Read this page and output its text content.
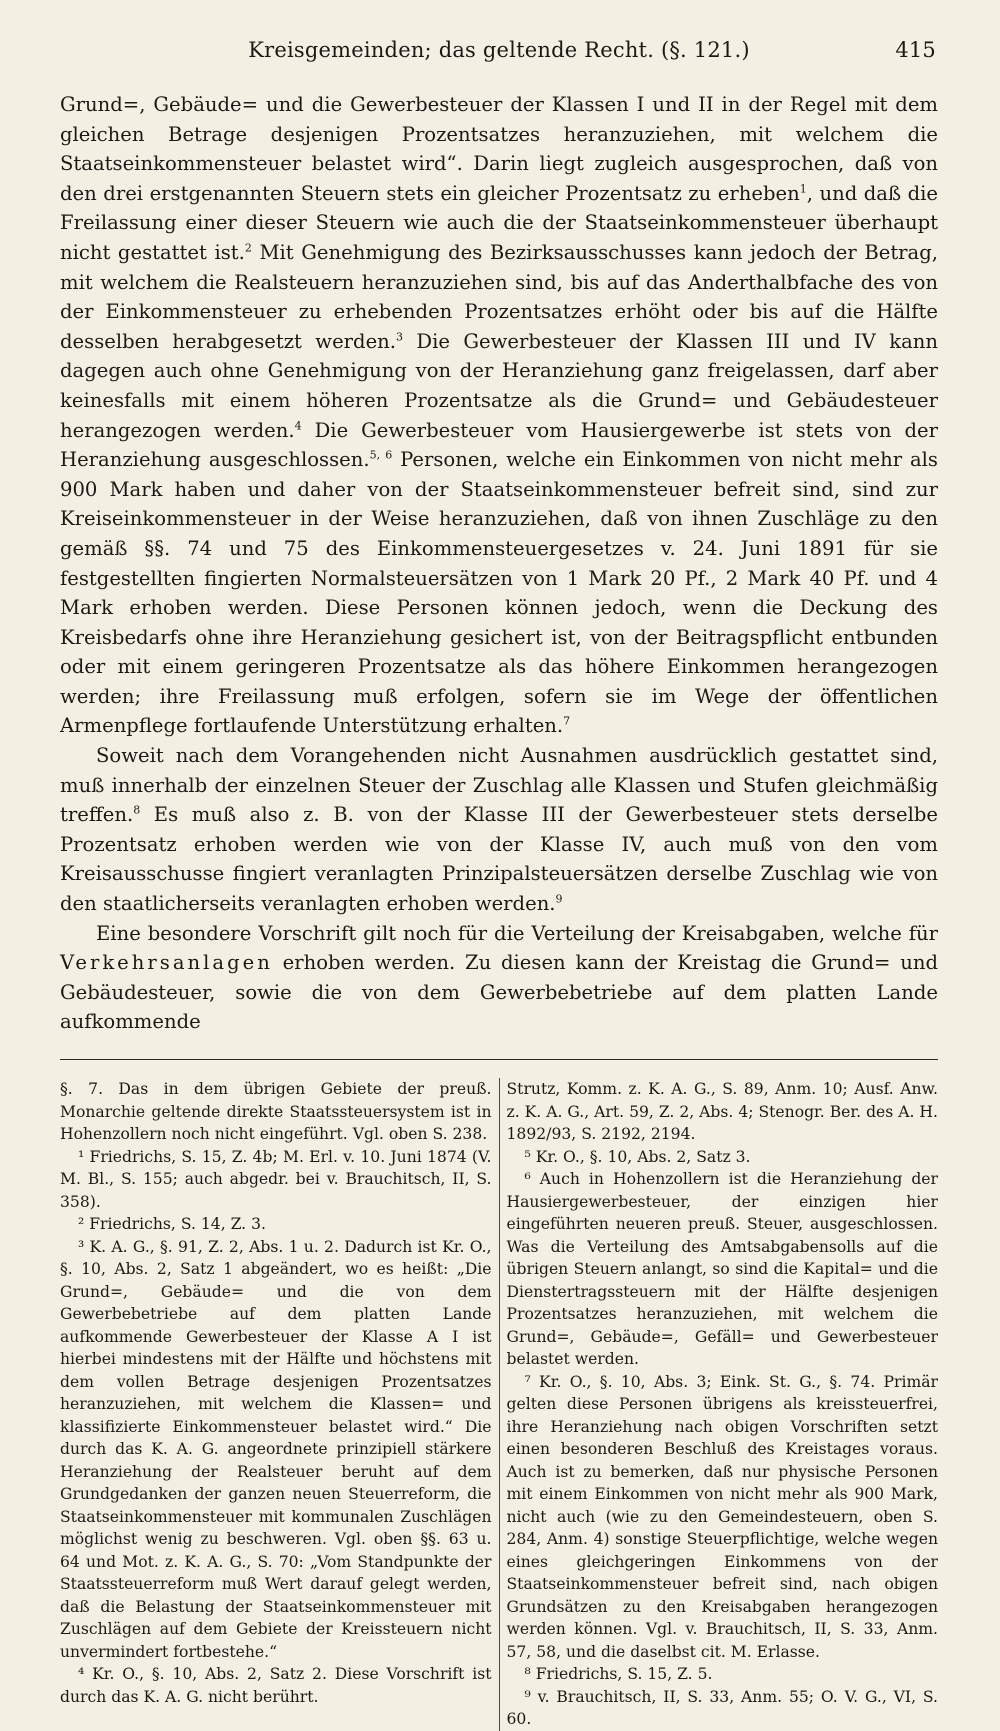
Kreisgemeinden; das geltende Recht. (§. 121.)	415

Grund=, Gebäude= und die Gewerbesteuer der Klassen I und II in der Regel mit dem gleichen Betrage desjenigen Prozentsatzes heranzuziehen, mit welchem die Staatseinkommensteuer belastet wird“. Darin liegt zugleich ausgesprochen, daß von den drei erstgenannten Steuern stets ein gleicher Prozentsatz zu erheben$^1$, und daß die Freilassung einer dieser Steuern wie auch die der Staatseinkommensteuer überhaupt nicht gestattet ist.$^2$ Mit Genehmigung des Bezirksausschusses kann jedoch der Betrag, mit welchem die Realsteuern heranzuziehen sind, bis auf das Anderthalbfache des von der Einkommensteuer zu erhebenden Prozentsatzes erhöht oder bis auf die Hälfte desselben herabgesetzt werden.$^3$ Die Gewerbesteuer der Klassen III und IV kann dagegen auch ohne Genehmigung von der Heranziehung ganz freigelassen, darf aber keinesfalls mit einem höheren Prozentsatze als die Grund= und Gebäudesteuer herangezogen werden.$^4$ Die Gewerbesteuer vom Hausiergewerbe ist stets von der Heranziehung ausgeschlossen.$^{5, 6}$ Personen, welche ein Einkommen von nicht mehr als 900 Mark haben und daher von der Staatseinkommensteuer befreit sind, sind zur Kreiseinkommensteuer in der Weise heranzuziehen, daß von ihnen Zuschläge zu den gemäß §§. 74 und 75 des Einkommensteuergesetzes v. 24. Juni 1891 für sie festgestellten fingierten Normalsteuersätzen von 1 Mark 20 Pf., 2 Mark 40 Pf. und 4 Mark erhoben werden. Diese Personen können jedoch, wenn die Deckung des Kreisbedarfs ohne ihre Heranziehung gesichert ist, von der Beitragspflicht entbunden oder mit einem geringeren Prozentsatze als das höhere Einkommen herangezogen werden; ihre Freilassung muß erfolgen, sofern sie im Wege der öffentlichen Armenpflege fortlaufende Unterstützung erhalten.$^7$

Soweit nach dem Vorangehenden nicht Ausnahmen ausdrücklich gestattet sind, muß innerhalb der einzelnen Steuer der Zuschlag alle Klassen und Stufen gleichmäßig treffen.$^8$ Es muß also z. B. von der Klasse III der Gewerbesteuer stets derselbe Prozentsatz erhoben werden wie von der Klasse IV, auch muß von den vom Kreisausschusse fingiert veranlagten Prinzipalsteuersätzen derselbe Zuschlag wie von den staatlicherseits veranlagten erhoben werden.$^9$

Eine besondere Vorschrift gilt noch für die Verteilung der Kreisabgaben, welche für Verkehrsanlagen erhoben werden. Zu diesen kann der Kreistag die Grund= und Gebäudesteuer, sowie die von dem Gewerbebetriebe auf dem platten Lande aufkommende

§. 7. Das in dem übrigen Gebiete der preuß. Monarchie geltende direkte Staatssteuersystem ist in Hohenzollern noch nicht eingeführt. Vgl. oben S. 238.

¹ Friedrichs, S. 15, Z. 4b; M. Erl. v. 10. Juni 1874 (V. M. Bl., S. 155; auch abgedr. bei v. Brauchitsch, II, S. 358).

² Friedrichs, S. 14, Z. 3.

³ K. A. G., §. 91, Z. 2, Abs. 1 u. 2. Dadurch ist Kr. O., §. 10, Abs. 2, Satz 1 abgeändert, wo es heißt: „Die Grund=, Gebäude= und die von dem Gewerbebetriebe auf dem platten Lande aufkommende Gewerbesteuer der Klasse A I ist hierbei mindestens mit der Hälfte und höchstens mit dem vollen Betrage desjenigen Prozentsatzes heranzuziehen, mit welchem die Klassen= und klassifizierte Einkommensteuer belastet wird.“ Die durch das K. A. G. angeordnete prinzipiell stärkere Heranziehung der Realsteuer beruht auf dem Grundgedanken der ganzen neuen Steuerreform, die Staatseinkommensteuer mit kommunalen Zuschlägen möglichst wenig zu beschweren. Vgl. oben §§. 63 u. 64 und Mot. z. K. A. G., S. 70: „Vom Standpunkte der Staatssteuerreform muß Wert darauf gelegt werden, daß die Belastung der Staatseinkommensteuer mit Zuschlägen auf dem Gebiete der Kreissteuern nicht unvermindert fortbestehe.“

⁴ Kr. O., §. 10, Abs. 2, Satz 2. Diese Vorschrift ist durch das K. A. G. nicht berührt.

Strutz, Komm. z. K. A. G., S. 89, Anm. 10; Ausf. Anw. z. K. A. G., Art. 59, Z. 2, Abs. 4; Stenogr. Ber. des A. H. 1892/93, S. 2192, 2194.

⁵ Kr. O., §. 10, Abs. 2, Satz 3.

⁶ Auch in Hohenzollern ist die Heranziehung der Hausiergewerbesteuer, der einzigen hier eingeführten neueren preuß. Steuer, ausgeschlossen. Was die Verteilung des Amtsabgabensolls auf die übrigen Steuern anlangt, so sind die Kapital= und die Dienstertragssteuern mit der Hälfte desjenigen Prozentsatzes heranzuziehen, mit welchem die Grund=, Gebäude=, Gefäll= und Gewerbesteuer belastet werden.

⁷ Kr. O., §. 10, Abs. 3; Eink. St. G., §. 74. Primär gelten diese Personen übrigens als kreissteuerfrei, ihre Heranziehung nach obigen Vorschriften setzt einen besonderen Beschluß des Kreistages voraus. Auch ist zu bemerken, daß nur physische Personen mit einem Einkommen von nicht mehr als 900 Mark, nicht auch (wie zu den Gemeindesteuern, oben S. 284, Anm. 4) sonstige Steuerpflichtige, welche wegen eines gleichgeringen Einkommens von der Staatseinkommensteuer befreit sind, nach obigen Grundsätzen zu den Kreisabgaben herangezogen werden können. Vgl. v. Brauchitsch, II, S. 33, Anm. 57, 58, und die daselbst cit. M. Erlasse.

⁸ Friedrichs, S. 15, Z. 5.

⁹ v. Brauchitsch, II, S. 33, Anm. 55; O. V. G., VI, S. 60.
